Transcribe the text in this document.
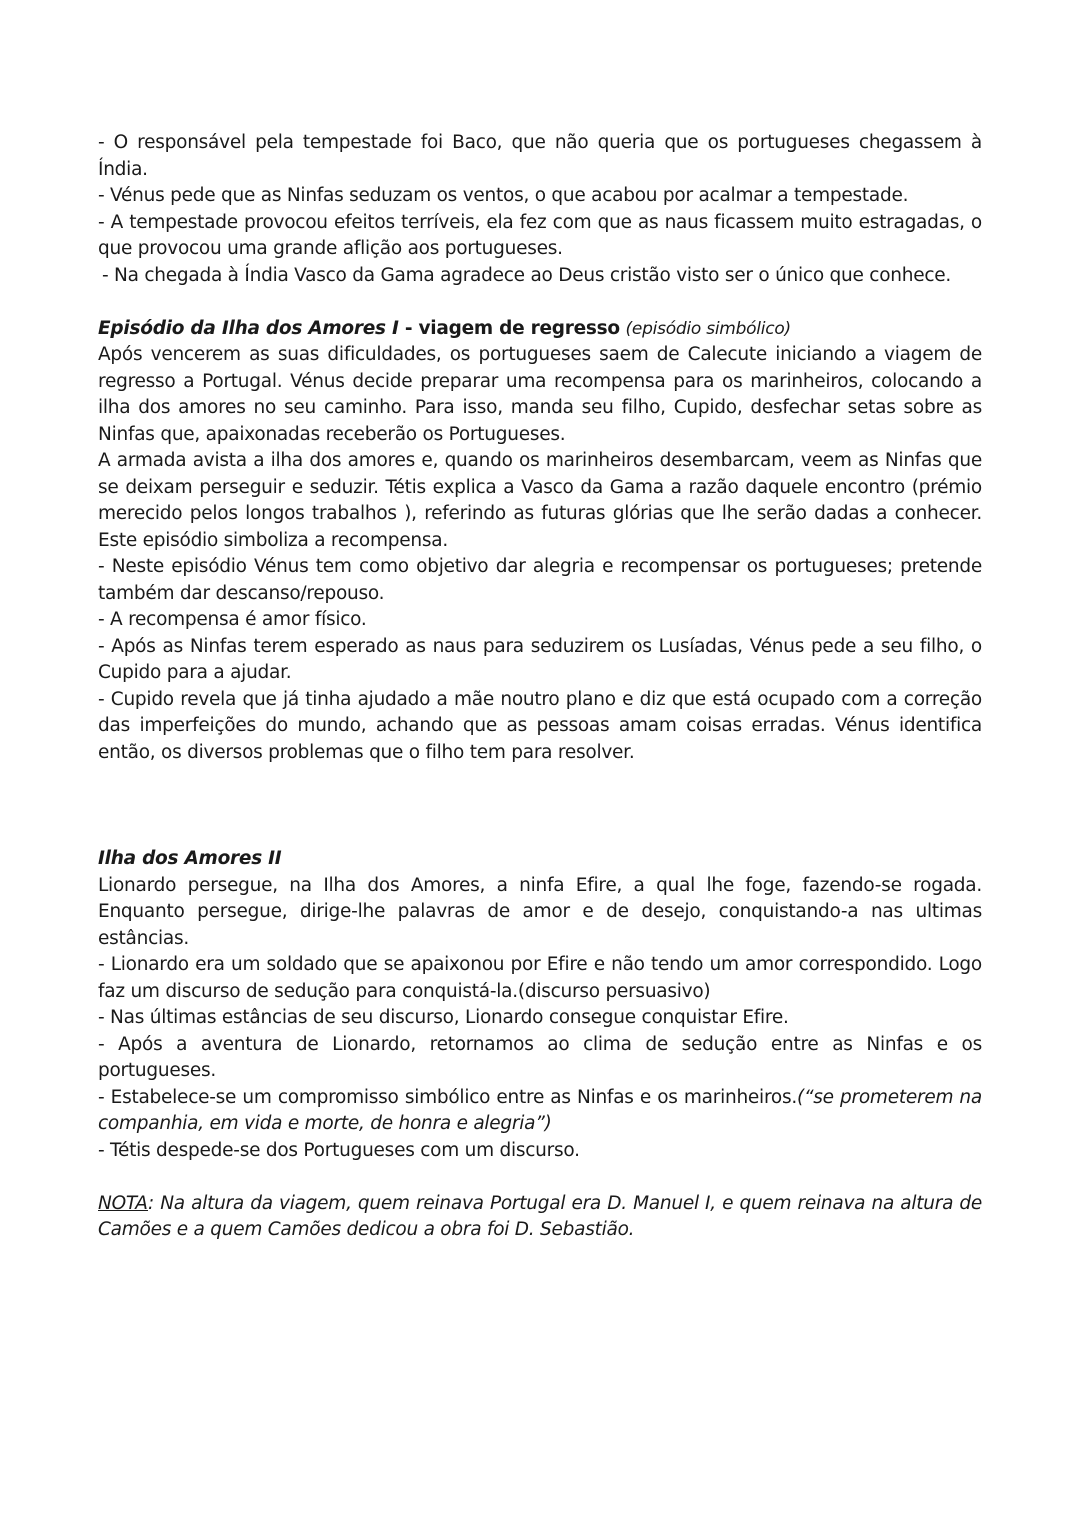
- O responsável pela tempestade foi Baco, que não queria que os portugueses chegassem à Índia.

- Vénus pede que as Ninfas seduzam os ventos, o que acabou por acalmar a tempestade.

- A tempestade provocou efeitos terríveis, ela fez com que as naus ficassem muito estragadas, o que provocou uma grande aflição aos portugueses.

- Na chegada à Índia Vasco da Gama agradece ao Deus cristão visto ser o único que conhece.

Episódio da Ilha dos Amores I - viagem de regresso (episódio simbólico)

Após vencerem as suas dificuldades, os portugueses saem de Calecute iniciando a viagem de regresso a Portugal. Vénus decide preparar uma recompensa para os marinheiros, colocando a ilha dos amores no seu caminho. Para isso, manda seu filho, Cupido, desfechar setas sobre as Ninfas que, apaixonadas receberão os Portugueses.

A armada avista a ilha dos amores e, quando os marinheiros desembarcam, veem as Ninfas que se deixam perseguir e seduzir. Tétis explica a Vasco da Gama a razão daquele encontro (prémio merecido pelos longos trabalhos ), referindo as futuras glórias que lhe serão dadas a conhecer. Este episódio simboliza a recompensa.

- Neste episódio Vénus tem como objetivo dar alegria e recompensar os portugueses; pretende também dar descanso/repouso.

- A recompensa é amor físico.

- Após as Ninfas terem esperado as naus para seduzirem os Lusíadas, Vénus pede a seu filho, o Cupido para a ajudar.

- Cupido revela que já tinha ajudado a mãe noutro plano e diz que está ocupado com a correção das imperfeições do mundo, achando que as pessoas amam coisas erradas. Vénus identifica então, os diversos problemas que o filho tem para resolver.

Ilha dos Amores II

Lionardo persegue, na Ilha dos Amores, a ninfa Efire, a qual lhe foge, fazendo-se rogada. Enquanto persegue, dirige-lhe palavras de amor e de desejo, conquistando-a nas ultimas estâncias.

- Lionardo era um soldado que se apaixonou por Efire e não tendo um amor correspondido. Logo faz um discurso de sedução para conquistá-la.(discurso persuasivo)

- Nas últimas estâncias de seu discurso, Lionardo consegue conquistar Efire.

- Após a aventura de Lionardo, retornamos ao clima de sedução entre as Ninfas e os portugueses.

- Estabelece-se um compromisso simbólico entre as Ninfas e os marinheiros.(“se prometerem na companhia, em vida e morte, de honra e alegria”)

- Tétis despede-se dos Portugueses com um discurso.

NOTA: Na altura da viagem, quem reinava Portugal era D. Manuel I, e quem reinava na altura de Camões e a quem Camões dedicou a obra foi D. Sebastião.
